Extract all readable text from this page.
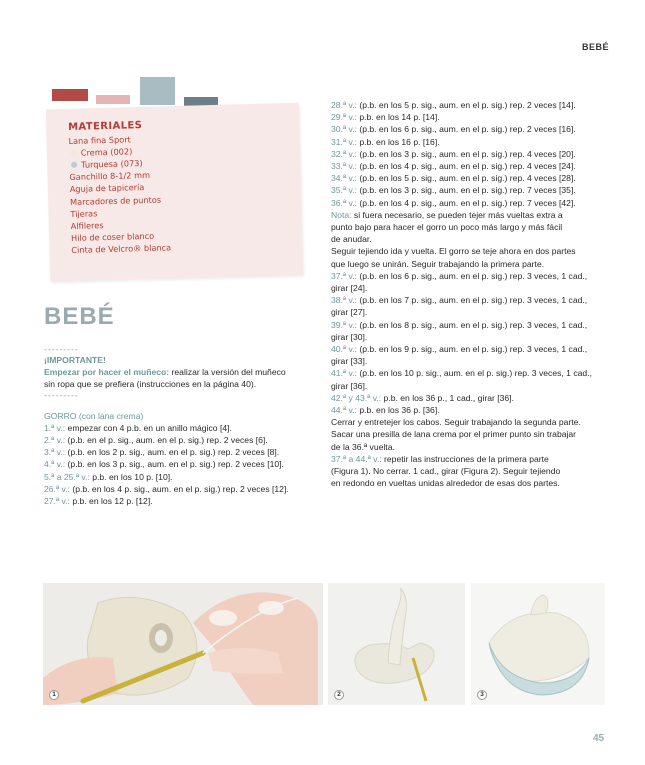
BEBÉ
MATERIALES
Lana fina Sport
Crema (002)
Turquesa (073)
Ganchillo 8-1/2 mm
Aguja de tapicería
Marcadores de puntos
Tijeras
Alfileres
Hilo de coser blanco
Cinta de Velcro® blanca
BEBÉ
---------
¡IMPORTANTE!
Empezar por hacer el muñeco: realizar la versión del muñeco
sin ropa que se prefiera (instrucciones en la página 40).
---------
GORRO (con lana crema)
1.ª v.: empezar con 4 p.b. en un anillo mágico [4].
2.ª v.: (p.b. en el p. sig., aum. en el p. sig.) rep. 2 veces [6].
3.ª v.: (p.b. en los 2 p. sig., aum. en el p. sig.) rep. 2 veces [8].
4.ª v.: (p.b. en los 3 p. sig., aum. en el p. sig.) rep. 2 veces [10].
5.ª a 25.ª v.: p.b. en los 10 p. [10].
26.ª v.: (p.b. en los 4 p. sig., aum. en el p. sig.) rep. 2 veces [12].
27.ª v.: p.b. en los 12 p. [12].
28.ª v.: (p.b. en los 5 p. sig., aum. en el p. sig.) rep. 2 veces [14].
29.ª v.: p.b. en los 14 p. [14].
30.ª v.: (p.b. en los 6 p. sig., aum. en el p. sig.) rep. 2 veces [16].
31.ª v.: p.b. en los 16 p. [16].
32.ª v.: (p.b. en los 3 p. sig., aum. en el p. sig.) rep. 4 veces [20].
33.ª v.: (p.b. en los 4 p. sig., aum. en el p. sig.) rep. 4 veces [24].
34.ª v.: (p.b. en los 5 p. sig., aum. en el p. sig.) rep. 4 veces [28].
35.ª v.: (p.b. en los 3 p. sig., aum. en el p. sig.) rep. 7 veces [35].
36.ª v.: (p.b. en los 4 p. sig., aum. en el p. sig.) rep. 7 veces [42].
Nota: si fuera necesario, se pueden tejer más vueltas extra a
punto bajo para hacer el gorro un poco más largo y más fácil
de anudar.
Seguir tejiendo ida y vuelta. El gorro se teje ahora en dos partes
que luego se unirán. Seguir trabajando la primera parte.
37.ª v.: (p.b. en los 6 p. sig., aum. en el p. sig.) rep. 3 veces, 1 cad.,
girar [24].
38.ª v.: (p.b. en los 7 p. sig., aum. en el p. sig.) rep. 3 veces, 1 cad.,
girar [27].
39.ª v.: (p.b. en los 8 p. sig., aum. en el p. sig.) rep. 3 veces, 1 cad.,
girar [30].
40.ª v.: (p.b. en los 9 p. sig., aum. en el p. sig.) rep. 3 veces, 1 cad.,
girar [33].
41.ª v.: (p.b. en los 10 p. sig., aum. en el p. sig.) rep. 3 veces, 1 cad.,
girar [36].
42.ª y 43.ª v.: p.b. en los 36 p., 1 cad., girar [36].
44.ª v.: p.b. en los 36 p. [36].
Cerrar y entretejer los cabos. Seguir trabajando la segunda parte.
Sacar una presilla de lana crema por el primer punto sin trabajar
de la 36.ª vuelta.
37.ª a 44.ª v.: repetir las instrucciones de la primera parte
(Figura 1). No cerrar. 1 cad., girar (Figura 2). Seguir tejiendo
en redondo en vueltas unidas alrededor de esas dos partes.
1	2	3
45
